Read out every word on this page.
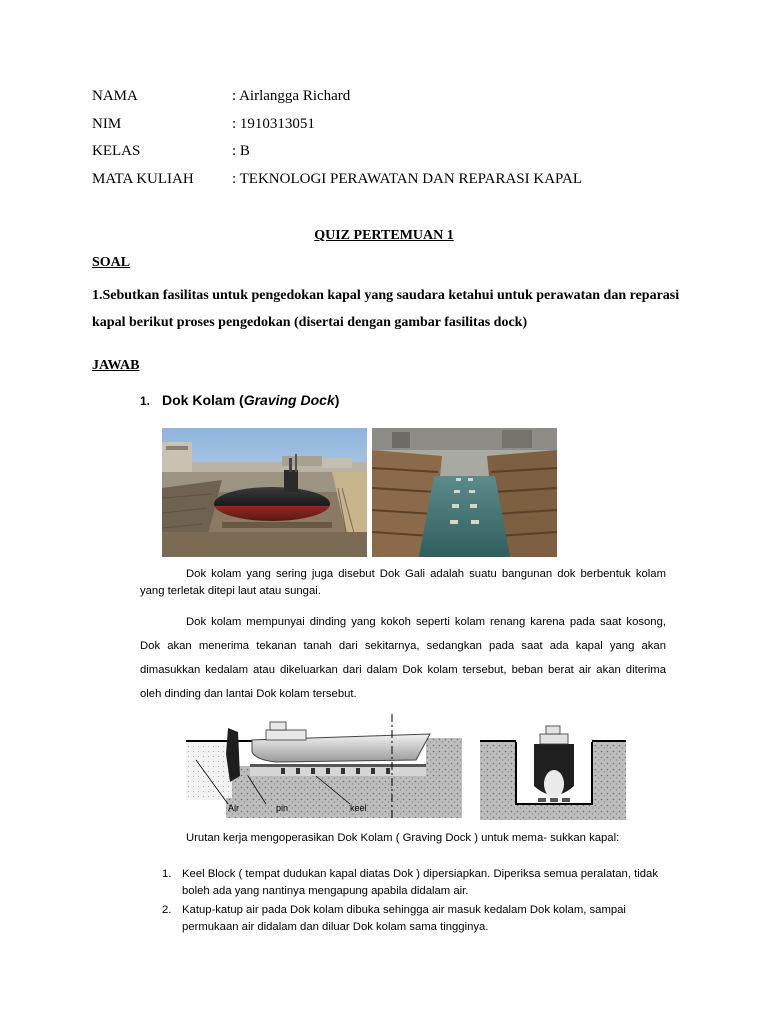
NAMA	: Airlangga Richard
NIM	: 1910313051
KELAS	: B
MATA KULIAH	: TEKNOLOGI PERAWATAN DAN REPARASI KAPAL
QUIZ PERTEMUAN 1
SOAL
1.Sebutkan fasilitas untuk pengedokan kapal yang saudara ketahui untuk perawatan dan reparasi kapal berikut proses pengedokan (disertai dengan gambar fasilitas dock)
JAWAB
1. Dok Kolam (Graving Dock)
Dok kolam yang sering juga disebut Dok Gali adalah suatu bangunan dok berbentuk kolam yang terletak ditepi laut atau sungai.
Dok kolam mempunyai dinding yang kokoh seperti kolam renang karena pada saat kosong, Dok akan menerima tekanan tanah dari sekitarnya, sedangkan pada saat ada kapal yang akan dimasukkan kedalam atau dikeluarkan dari dalam Dok kolam tersebut, beban berat air akan diterima oleh dinding dan lantai Dok kolam tersebut.
Air	pin	keel
Urutan kerja mengoperasikan Dok Kolam ( Graving Dock ) untuk mema- sukkan kapal:
1. Keel Block ( tempat dudukan kapal diatas Dok ) dipersiapkan. Diperiksa semua peralatan, tidak boleh ada yang nantinya mengapung apabila didalam air.
2. Katup-katup air pada Dok kolam dibuka sehingga air masuk kedalam Dok kolam, sampai permukaan air didalam dan diluar Dok kolam sama tingginya.
